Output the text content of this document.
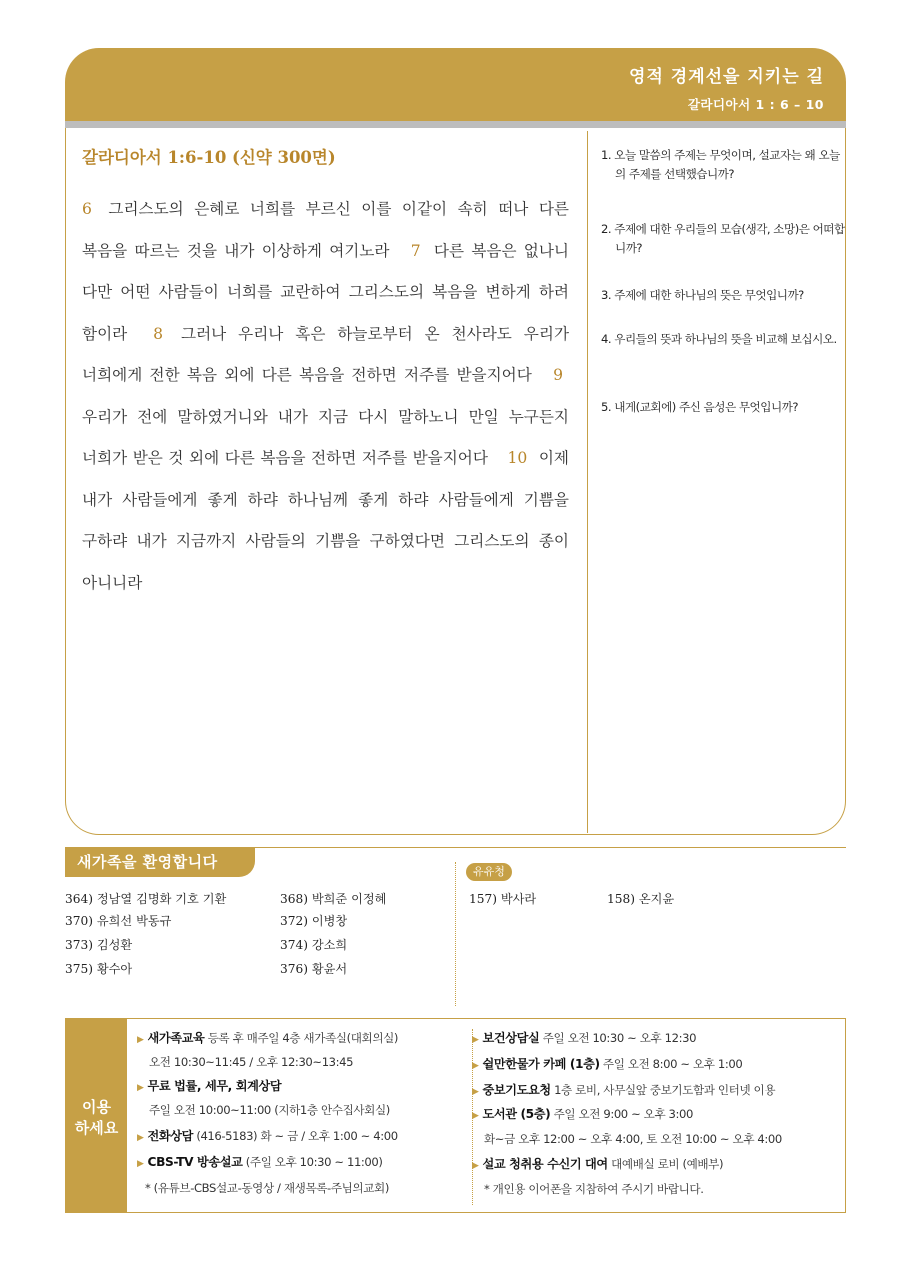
영적 경계선을 지키는 길
갈라디아서 1 : 6 – 10
갈라디아서 1:6-10 (신약 300면)
6 그리스도의 은혜로 너희를 부르신 이를 이같이 속히 떠나 다른 복음을 따르는 것을 내가 이상하게 여기노라 7 다른 복음은 없나니 다만 어떤 사람들이 너희를 교란하여 그리스도의 복음을 변하게 하려 함이라 8 그러나 우리나 혹은 하늘로부터 온 천사라도 우리가 너희에게 전한 복음 외에 다른 복음을 전하면 저주를 받을지어다 9 우리가 전에 말하였거니와 내가 지금 다시 말하노니 만일 누구든지 너희가 받은 것 외에 다른 복음을 전하면 저주를 받을지어다 10 이제 내가 사람들에게 좋게 하랴 하나님께 좋게 하랴 사람들에게 기쁨을 구하랴 내가 지금까지 사람들의 기쁨을 구하였다면 그리스도의 종이 아니니라
1. 오늘 말씀의 주제는 무엇이며, 설교자는 왜 오늘의 주제를 선택했습니까?
2. 주제에 대한 우리들의 모습(생각, 소망)은 어떠합니까?
3. 주제에 대한 하나님의 뜻은 무엇입니까?
4. 우리들의 뜻과 하나님의 뜻을 비교해 보십시오.
5. 내게(교회에) 주신 음성은 무엇입니까?
새가족을 환영합니다
364) 정남열 김명화 기호 기환	368) 박희준 이정혜
370) 유희선 박동규	372) 이병창
373) 김성환	374) 강소희
375) 황수아	376) 황윤서
유유청
157) 박사라	158) 온지윤
이용
하세요
▶ 새가족교육 등록 후 매주일 4층 새가족실(대회의실)
오전 10:30~11:45 / 오후 12:30~13:45
▶ 무료 법률, 세무, 회계상담
주일 오전 10:00~11:00 (지하1층 안수집사회실)
▶ 전화상담 (416-5183) 화 ~ 금 / 오후 1:00 ~ 4:00
▶ CBS-TV 방송설교 (주일 오후 10:30 ~ 11:00)
* (유튜브-CBS설교-동영상 / 재생목록-주님의교회)
▶ 보건상담실 주일 오전 10:30 ~ 오후 12:30
▶ 쉴만한물가 카페 (1층) 주일 오전 8:00 ~ 오후 1:00
▶ 중보기도요청 1층 로비, 사무실앞 중보기도함과 인터넷 이용
▶ 도서관 (5층) 주일 오전 9:00 ~ 오후 3:00
화~금 오후 12:00 ~ 오후 4:00, 토 오전 10:00 ~ 오후 4:00
▶ 설교 청취용 수신기 대여 대예배실 로비 (예배부)
* 개인용 이어폰을 지참하여 주시기 바랍니다.
